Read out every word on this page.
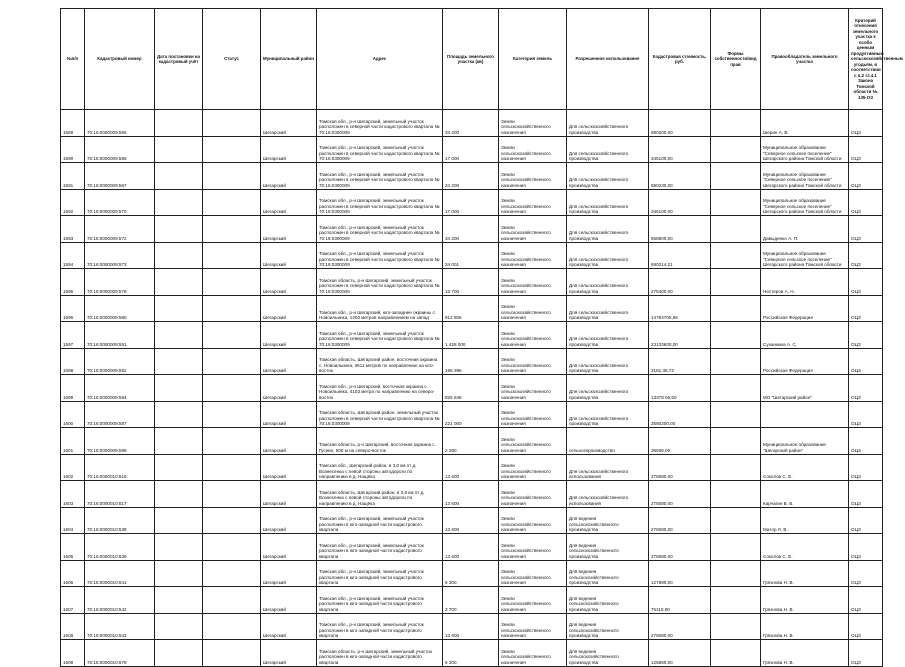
№п/п	Кадастровый номер	Дата постановки на кадастровый учёт	Статус	Муниципальный район	Адрес	Площадь земельного участка (кв)	Категория земель	Разрешенное использование	Кадастровая стоимость, руб.	Формы собственности/вид прав	Правообладатель земельного участка	Критерий отнесения земельного участка к особо ценным продуктивным сельскохозяйственным угодьям, в соответствии с п.2 ст.4.1 Закона Томской области № 135-ОЗ
1589	70:16:0000009:555			Шегарский	Томская обл., р-н Шегарский, земельный участок расположен в северной части кадастрового квартала № 70:16:0300009	34 200	Земли сельскохозяйственного назначения	Для сельскохозяйственного производства	880200,00		Шерин А. В.	ОЦЗ
1590	70:16:0000009:566			Шегарский	Томская обл., р-н Шегарский, земельный участок расположен в северной части кадастрового квартала № 70:16:0300009	17 000	Земли сельскохозяйственного назначения	Для сельскохозяйственного производства	345100,00		Муниципальное образование "Северное сельское поселение" Шегарского района Томской области	ОЦЗ
1591	70:16:0000009:567			Шегарский	Томская обл., р-н Шегарский, земельный участок расположен в северной части кадастрового квартала № 70:16:0300009	34 200	Земли сельскохозяйственного назначения	Для сельскохозяйственного производства	690230,00		Муниципальное образование "Северное сельское поселение" Шегарского района Томской области	ОЦЗ
1592	70:16:0000009:570			Шегарский	Томская обл., р-н Шегарский, земельный участок расположен в северной части кадастрового квартала № 70:16:0300009	17 000	Земли сельскохозяйственного назначения	Для сельскохозяйственного производства	345100,00		Муниципальное образование "Северное сельское поселение" Шегарского района Томской области	ОЦЗ
1593	70:16:0000009:572			Шегарский	Томская обл., р-н Шегарский, земельный участок расположен в северной части кадастрового квартала № 70:16:0300009	34 200	Земли сельскохозяйственного назначения	Для сельскохозяйственного производства	568800,00		Давыденко А. П.	ОЦЗ
1594	70:16:0000009:573			Шегарский	Томская обл., р-н Шегарский, земельный участок расположен в северной части кадастрового квартала № 70:16:0300009	34 001	Земли сельскохозяйственного назначения	Для сельскохозяйственного производства	690214,21		Муниципальное образование "Северное сельское поселение" Шегарского района Томской области	ОЦЗ
1595	70:16:0000009:576			Шегарский	Томская область, р-н Шегарский, земельный участок расположен в северной части кадастрового квартала № 70:16:0300009	13 700	Земли сельскохозяйственного назначения	Для сельскохозяйственного производства	275400,00		Нестеров А. Н.	ОЦЗ
1596	70:16:0000009:580			Шегарский	Томская обл., р-н Шегарский, юго-западнее окраины с. Новоильинка, 1200 метров направлением на запад	912 805	Земли сельскохозяйственного назначения	Для сельскохозяйственного производства	14784705,96		Российская Федерация	ОЦЗ
1597	70:16:0000009:581			Шегарский	Томская обл., р-н Шегарский, земельный участок расположен в северной части кадастрового квартала № 70:16:0300009	1 428 000	Земли сельскохозяйственного назначения	Для сельскохозяйственного производства	23133600,00		Суханкина А. С.	ОЦЗ
1598	70:16:0000009:582			Шегарский	Томская область, Шегарский район, восточная окраина с. Новоильинка, 3611 метров по направлению на юго-восток	196 396	Земли сельскохозяйственного назначения	Для сельскохозяйственного производства	3181,35,72		Российская Федерация	ОЦЗ
1599	70:16:0000009:584			Шегарский	Томская обл., р-н Шегарский, восточная окраина с. Новоильинка, 4103 метра по направлению на северо-восток	825 848	Земли сельскохозяйственного назначения	Для сельскохозяйственного производства	13378 05,50		МО "Шегарский район"	ОЦЗ
1600	70:16:0000009:587			Шегарский	Томская область, Шегарский район, земельный участок расположен в северной части кадастрового квартала № 70:16:0300009	221 000	Земли сельскохозяйственного назначения	Для сельскохозяйственного производства	3580200,00			ОЦЗ
1601	70:16:0000009:588			Шегарский	Томская область, р-н Шегарский, восточная окраина с. Гусево, 500 м на северо-восток	2 280	Земли сельскохозяйственного назначения	сельхозпроизводство	36936,00		Муниципальное образование "Шегарский район"	ОЦЗ
1602	70:16:0000010:616			Шегарский	Томская обл., Шегарский район, в 3,6 км от д. Вознесенка с левой стороны автодороги по направлению в д. Нащёка	13 600	Земли сельскохозяйственного назначения	Для сельскохозяйственного использования	276080,00		Соколов С. Е.	ОЦЗ
1603	70:16:0000010:617			Шегарский	Томская область, Шегарский район, в 3,6 км от д. Вознесенка с левой стороны автодороги по направлению в д. Нащёка	13 600	Земли сельскохозяйственного назначения	Для сельскохозяйственного использования	276080,00		Карчагин В. В.	ОЦЗ
1604	70:16:0000010:638			Шегарский	Томская обл., р-н Шегарский, земельный участок расположен в юго-западной части кадастрового квартала	13 600	Земли сельскохозяйственного назначения	Для ведения сельскохозяйственного производства	276080,00		Матор Л. В.	ОЦЗ
1605	70:16:0000010:639			Шегарский	Томская обл., р-н Шегарский, земельный участок расположен в юго-западной части кадастрового квартала	13 600	Земли сельскохозяйственного назначения	Для ведения сельскохозяйственного производства	276080,00		Соколов С. Е.	ОЦЗ
1606	70:16:0000010:641			Шегарский	Томская обл., р-н Шегарский, земельный участок расположен в юго-западной части кадастрового квартала	6 300	Земли сельскохозяйственного назначения	Для ведения сельскохозяйственного производства	127890,00		Грязнова Н. В.	ОЦЗ
1607	70:16:0000010:642			Шегарский	Томская обл., р-н Шегарский, земельный участок расположен в юго-западной части кадастрового квартала	3 700	Земли сельскохозяйственного назначения	Для ведения сельскохозяйственного производства	75110,00		Грязнова Н. В.	ОЦЗ
1608	70:16:0000010:643			Шегарский	Томская обл., р-н Шегарский, земельный участок расположен в юго-западной части кадастрового квартала	13 600	Земли сельскохозяйственного назначения	Для ведения сельскохозяйственного производства	276080,00		Грязнова Н. В.	ОЦЗ
1609	70:16:0000010:679			Шегарский	Томская область, р-н Шегарский, земельный участок расположен в юго-западной части кадастрового квартала	6 200	Земли сельскохозяйственного назначения	Для ведения сельскохозяйственного производства	125860,00		Грязнова Н. В.	ОЦЗ
